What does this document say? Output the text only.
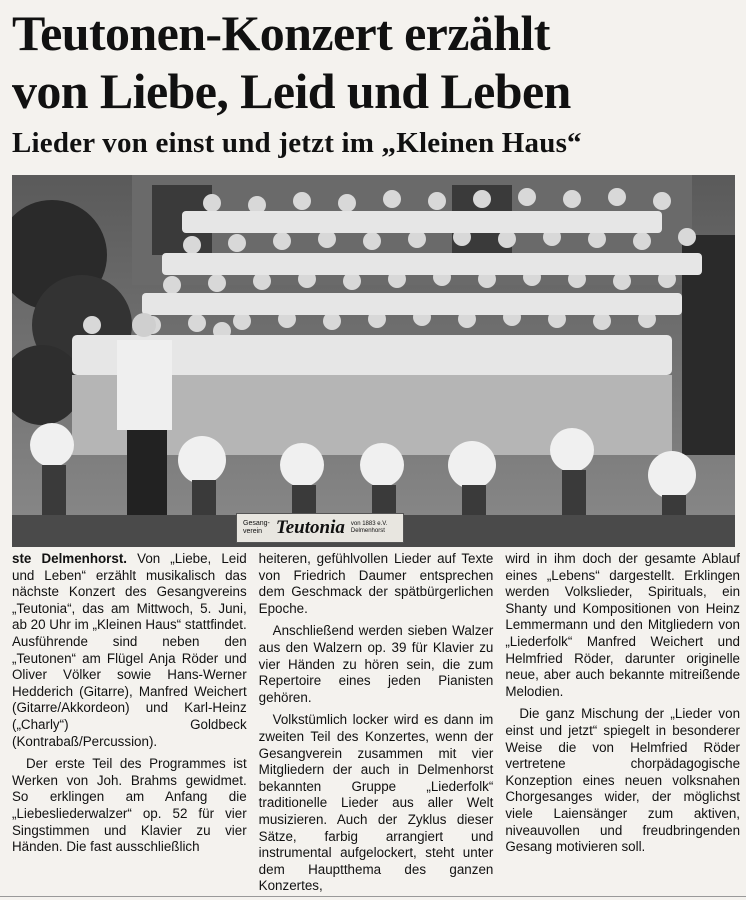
Teutonen-Konzert erzählt
von Liebe, Leid und Leben
Lieder von einst und jetzt im „Kleinen Haus“
Gesang-verein Teutonia von 1883 e.V. Delmenhorst

ste Delmenhorst. Von „Liebe, Leid und Leben“ erzählt musikalisch das nächste Konzert des Gesangvereins „Teutonia“, das am Mittwoch, 5. Juni, ab 20 Uhr im „Kleinen Haus“ stattfindet. Ausführende sind neben den „Teutonen“ am Flügel Anja Röder und Oliver Völker sowie Hans-Werner Hedderich (Gitarre), Manfred Weichert (Gitarre/Akkordeon) und Karl-Heinz („Charly“) Goldbeck (Kontrabaß/Percussion).

Der erste Teil des Programmes ist Werken von Joh. Brahms gewidmet. So erklingen am Anfang die „Liebesliederwalzer“ op. 52 für vier Singstimmen und Klavier zu vier Händen. Die fast ausschließlich

heiteren, gefühlvollen Lieder auf Texte von Friedrich Daumer entsprechen dem Geschmack der spätbürgerlichen Epoche.

Anschließend werden sieben Walzer aus den Walzern op. 39 für Klavier zu vier Händen zu hören sein, die zum Repertoire eines jeden Pianisten gehören.

Volkstümlich locker wird es dann im zweiten Teil des Konzertes, wenn der Gesangverein zusammen mit vier Mitgliedern der auch in Delmenhorst bekannten Gruppe „Liederfolk“ traditionelle Lieder aus aller Welt musizieren. Auch der Zyklus dieser Sätze, farbig arrangiert und instrumental aufgelockert, steht unter dem Hauptthema des ganzen Konzertes,

wird in ihm doch der gesamte Ablauf eines „Lebens“ dargestellt. Erklingen werden Volkslieder, Spirituals, ein Shanty und Kompositionen von Heinz Lemmermann und den Mitgliedern von „Liederfolk“ Manfred Weichert und Helmfried Röder, darunter originelle neue, aber auch bekannte mitreißende Melodien.

Die ganz Mischung der „Lieder von einst und jetzt“ spiegelt in besonderer Weise die von Helmfried Röder vertretene chorpädagogische Konzeption eines neuen volksnahen Chorgesanges wider, der möglichst viele Laiensänger zum aktiven, niveauvollen und freudbringenden Gesang motivieren soll.
